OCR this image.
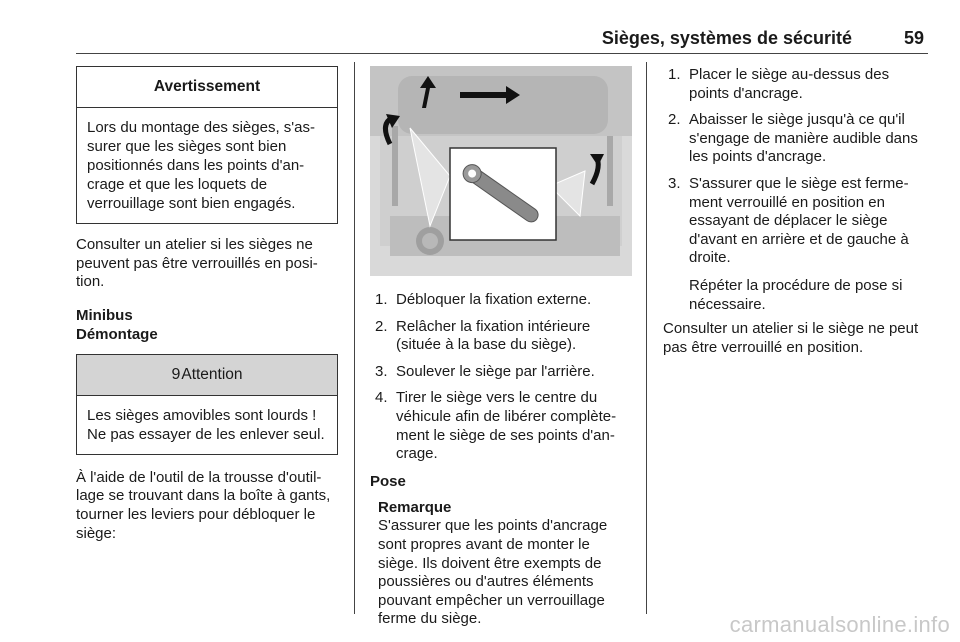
Sièges, systèmes de sécurité	59
Avertissement
Lors du montage des sièges, s'as-surer que les sièges sont bien positionnés dans les points d'an-crage et que les loquets de verrouillage sont bien engagés.

Consulter un atelier si les sièges ne peuvent pas être verrouillés en posi-tion.

Minibus
Démontage
9 Attention
Les sièges amovibles sont lourds ! Ne pas essayer de les enlever seul.

À l'aide de l'outil de la trousse d'outil-lage se trouvant dans la boîte à gants, tourner les leviers pour débloquer le siège:

1. Débloquer la fixation externe.
2. Relâcher la fixation intérieure (située à la base du siège).
3. Soulever le siège par l'arrière.
4. Tirer le siège vers le centre du véhicule afin de libérer complète-ment le siège de ses points d'an-crage.
Pose
Remarque

S'assurer que les points d'ancrage sont propres avant de monter le siège. Ils doivent être exempts de poussières ou d'autres éléments pouvant empêcher un verrouillage ferme du siège.

1. Placer le siège au-dessus des points d'ancrage.
2. Abaisser le siège jusqu'à ce qu'il s'engage de manière audible dans les points d'ancrage.
3. S'assurer que le siège est ferme-ment verrouillé en position en essayant de déplacer le siège d'avant en arrière et de gauche à droite.
Répéter la procédure de pose si nécessaire.

Consulter un atelier si le siège ne peut pas être verrouillé en position.

carmanualsonline.info
